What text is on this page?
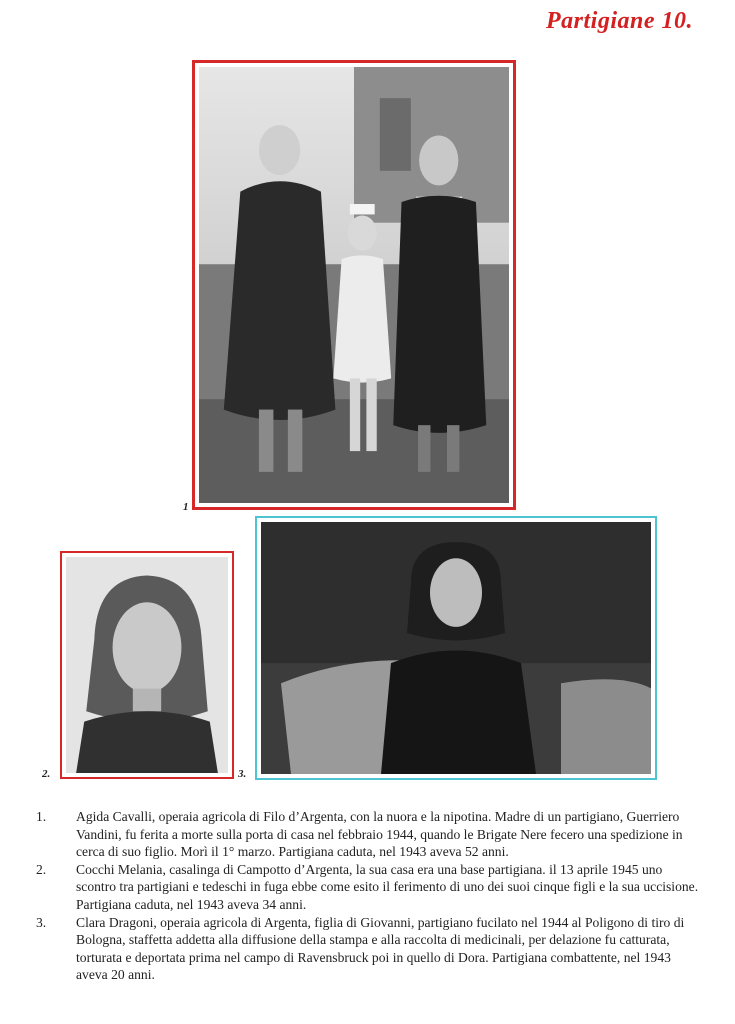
Partigiane 10.
1
2.	3.
1. Agida Cavalli, operaia agricola di Filo d’Argenta, con la nuora e la nipotina. Madre di un partigiano, Guerriero Vandini, fu ferita a morte sulla porta di casa nel febbraio 1944, quando le Brigate Nere fecero una spedizione in cerca di suo figlio. Morì il 1° marzo. Partigiana caduta, nel 1943 aveva 52 anni.
2. Cocchi Melania, casalinga di Campotto d’Argenta, la sua casa era una base partigiana. il 13 aprile 1945 uno scontro tra partigiani e tedeschi in fuga ebbe come esito il ferimento di uno dei suoi cinque figli e la sua uccisione. Partigiana caduta, nel 1943 aveva 34 anni.
3. Clara Dragoni, operaia agricola di Argenta, figlia di Giovanni, partigiano fucilato nel 1944 al Poligono di tiro di Bologna, staffetta addetta alla diffusione della stampa e alla raccolta di medicinali, per delazione fu catturata, torturata e deportata prima nel campo di Ravensbruck poi in quello di Dora. Partigiana combattente, nel 1943 aveva 20 anni.
